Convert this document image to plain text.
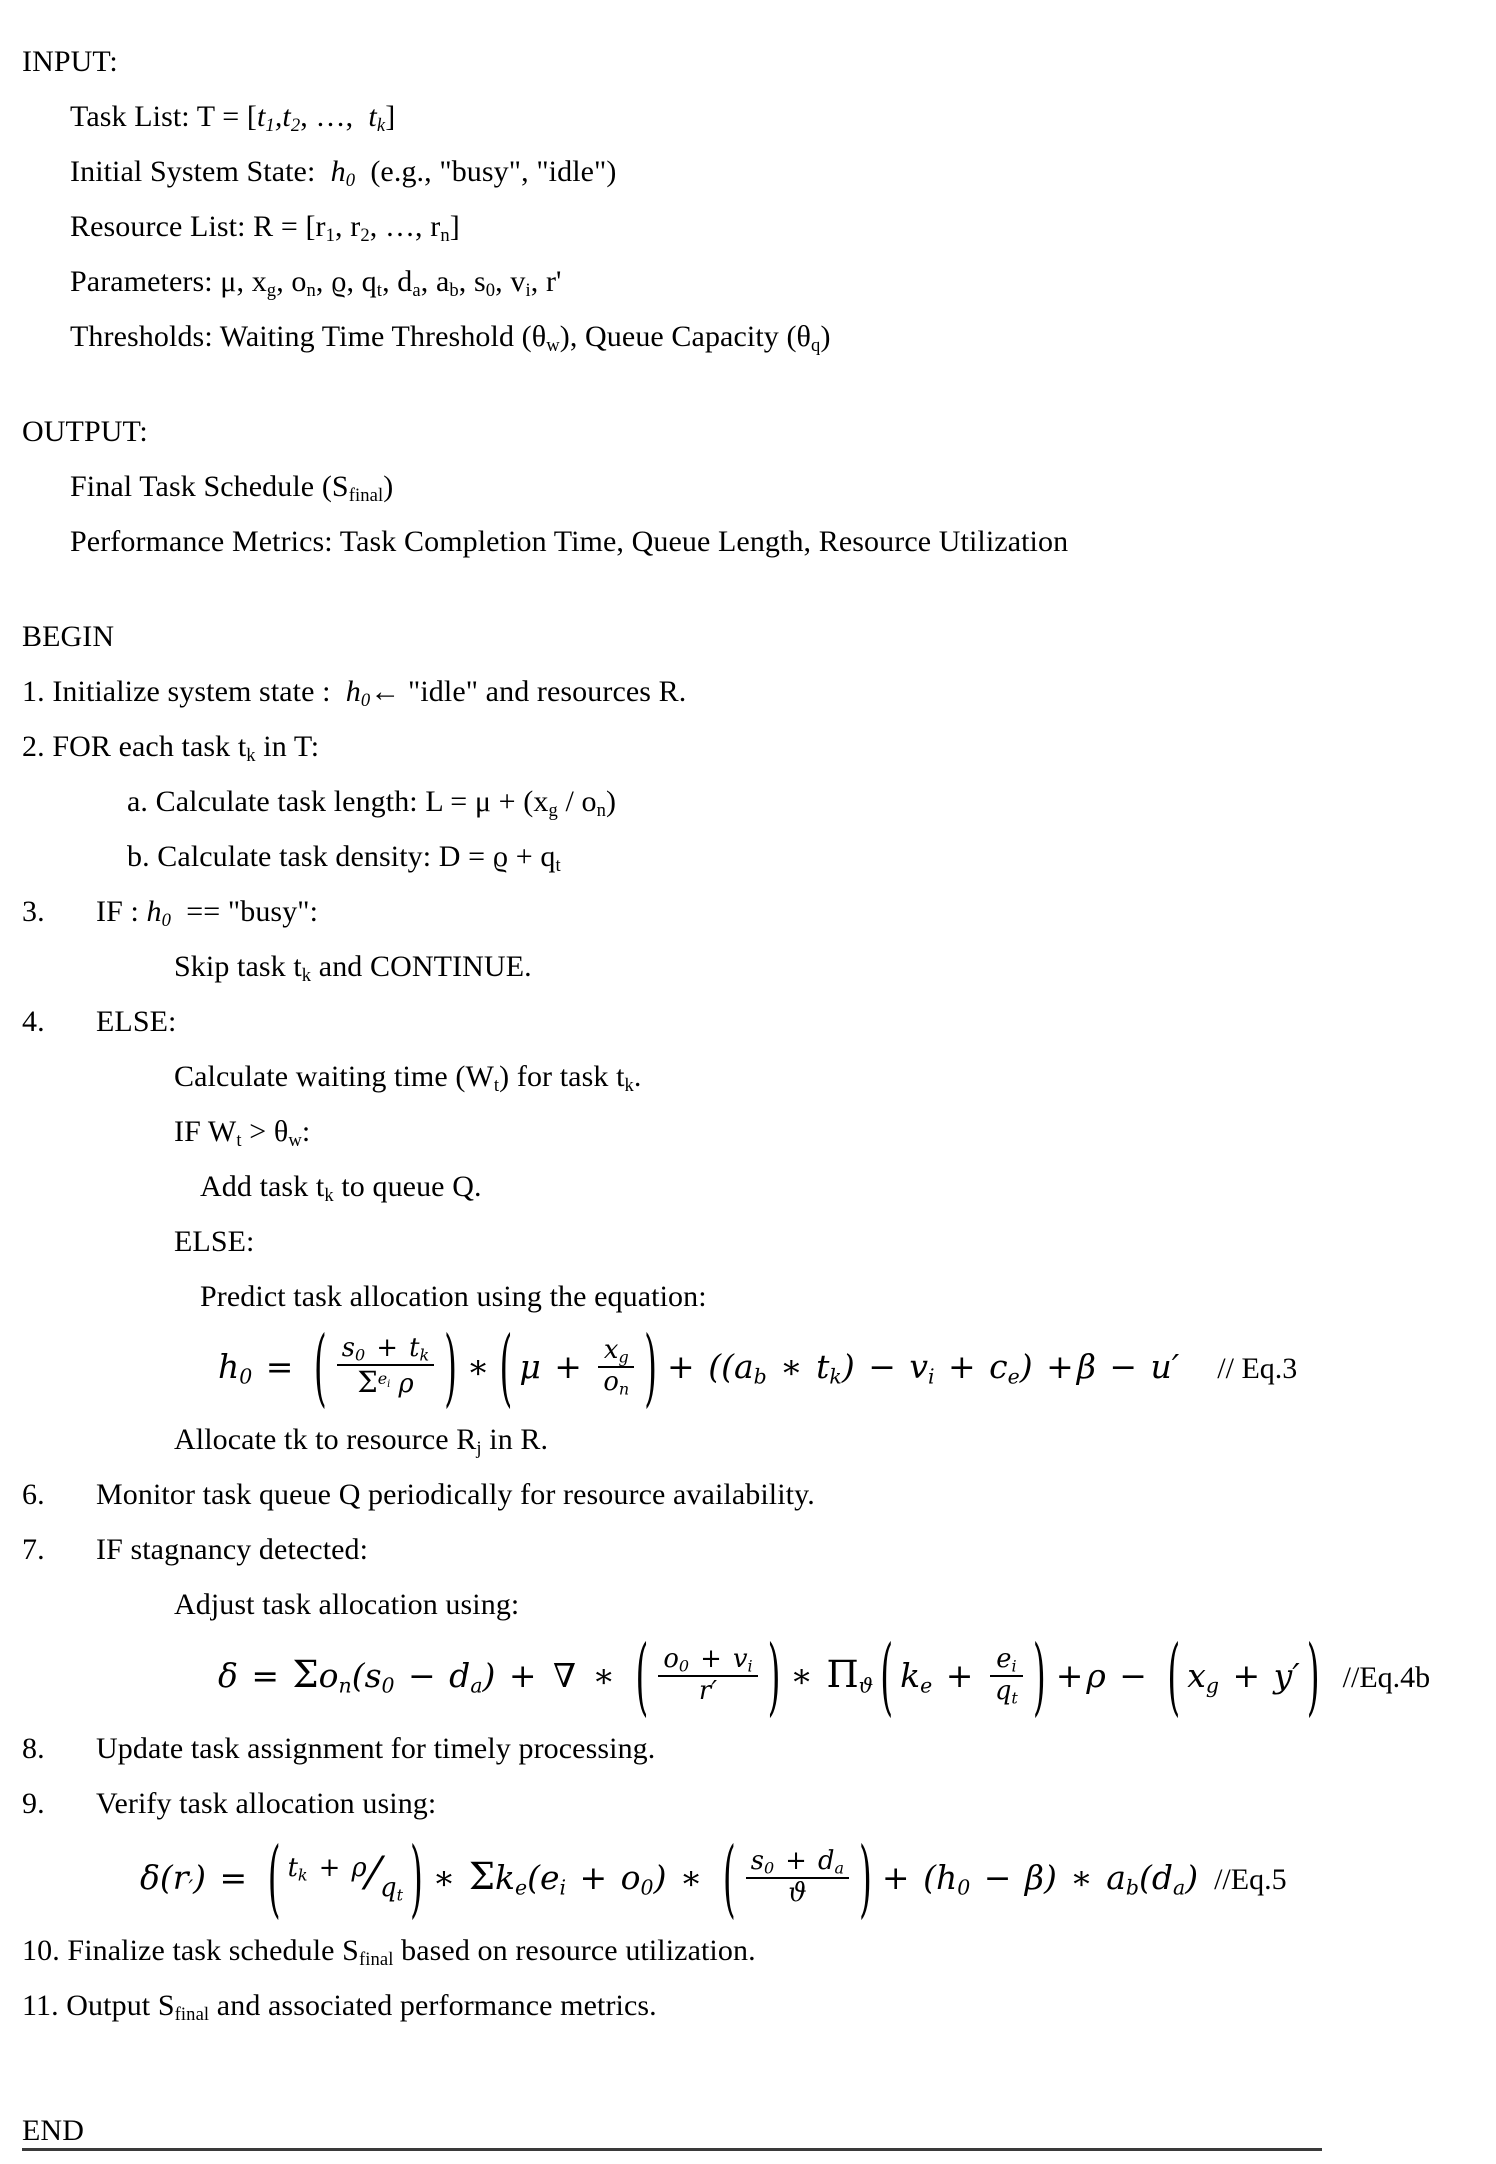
INPUT:
Task List: $T = [t_1,t_2$, …,  $t_k$]
Initial System State:  $h_0$  (e.g., "busy", "idle")
Resource List: $R = [r_1$, $r_2$, …, $r_n$]
Parameters: μ, $x_g$, $o_n$, ϱ, $q_t$, $d_a$, $a_b$, $s_0$, $v_i$, r'
Thresholds: Waiting Time Threshold $(\theta_w)$, Queue Capacity $(\theta_q)$
OUTPUT:
Final Task Schedule $(S_{final})$
Performance Metrics: Task Completion Time, Queue Length, Resource Utilization
BEGIN
1. Initialize system state :  $h_0\leftarrow$ "idle" and resources R.
2. FOR each task $t_k$ in T:
a. Calculate task length: $L = \mu + (x_g / o_n)$
b. Calculate task density: $D = ϱ + q_t$
3. IF : $h_0$  == "busy":
Skip task $t_k$ and CONTINUE.
4. ELSE:
Calculate waiting time $(W_t)$ for task $t_k$.
IF $W_t > \theta_w$:
Add task $t_k$ to queue Q.
ELSE:
Predict task allocation using the equation:
$h_0$ = ( $\frac{s_0 + t_k}{\Sigma^{e_i} \rho}$ ) ∗ ( $\mu + \frac{x_g}{o_n}$ ) + (($a_b$ ∗ $t_k) - v_i + c_e) +\beta - u' // Eq.3$
Allocate tk to resource $R_j$ in R.
6. Monitor task queue Q periodically for resource availability.
7. IF stagnancy detected:
Adjust task allocation using:
$\delta = \Sigma o_n(s_0 - d_a)$ + ∇ ∗ ( $\frac{o_0 + v_i}{r'}$ ) ∗ $\Pi_ϑ$ ( $k_e + \frac{e_i}{q_t}$ ) +ρ − ( $x_g + y'$ ) //Eq.4b
8. Update task assignment for timely processing.
9. Verify task allocation using:
$\delta(r')$ = ( $^{t_k + \rho}$⁄ $_{q_t}$ ) ∗ $\Sigma k_e(e_i + o_0)$ ∗ ( $\frac{s_0 + d_a}{ϑ}$ ) + $(h_0 - \beta)$ ∗ $a_b(d_a)$ //Eq.5
10. Finalize task schedule $S_{final}$ based on resource utilization.
11. Output $S_{final}$ and associated performance metrics.
END
